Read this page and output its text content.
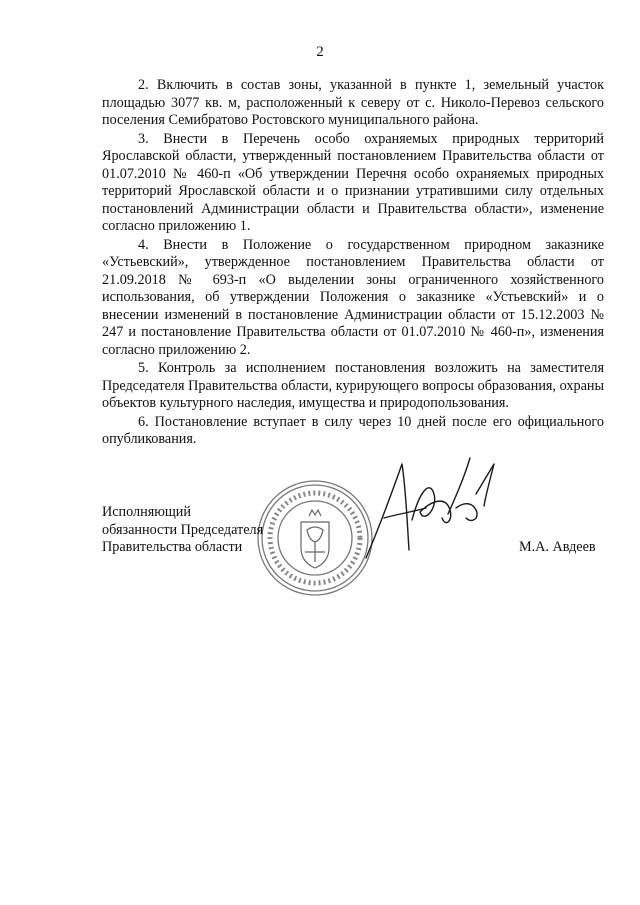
2

2. Включить в состав зоны, указанной в пункте 1, земельный участок площадью 3077 кв. м, расположенный к северу от с. Николо-Перевоз сельского поселения Семибратово Ростовского муниципального района.

3. Внести в Перечень особо охраняемых природных территорий Ярославской области, утвержденный постановлением Правительства области от 01.07.2010 № 460-п «Об утверждении Перечня особо охраняемых природных территорий Ярославской области и о признании утратившими силу отдельных постановлений Администрации области и Правительства области», изменение согласно приложению 1.

4. Внести в Положение о государственном природном заказнике «Устьевский», утвержденное постановлением Правительства области от 21.09.2018 № 693-п «О выделении зоны ограниченного хозяйственного использования, об утверждении Положения о заказнике «Устьевский» и о внесении изменений в постановление Администрации области от 15.12.2003 № 247 и постановление Правительства области от 01.07.2010 № 460-п», изменения согласно приложению 2.

5. Контроль за исполнением постановления возложить на заместителя Председателя Правительства области, курирующего вопросы образования, охраны объектов культурного наследия, имущества и природопользования.

6. Постановление вступает в силу через 10 дней после его официального опубликования.

Исполняющий
обязанности Председателя
Правительства области	М.А. Авдеев
